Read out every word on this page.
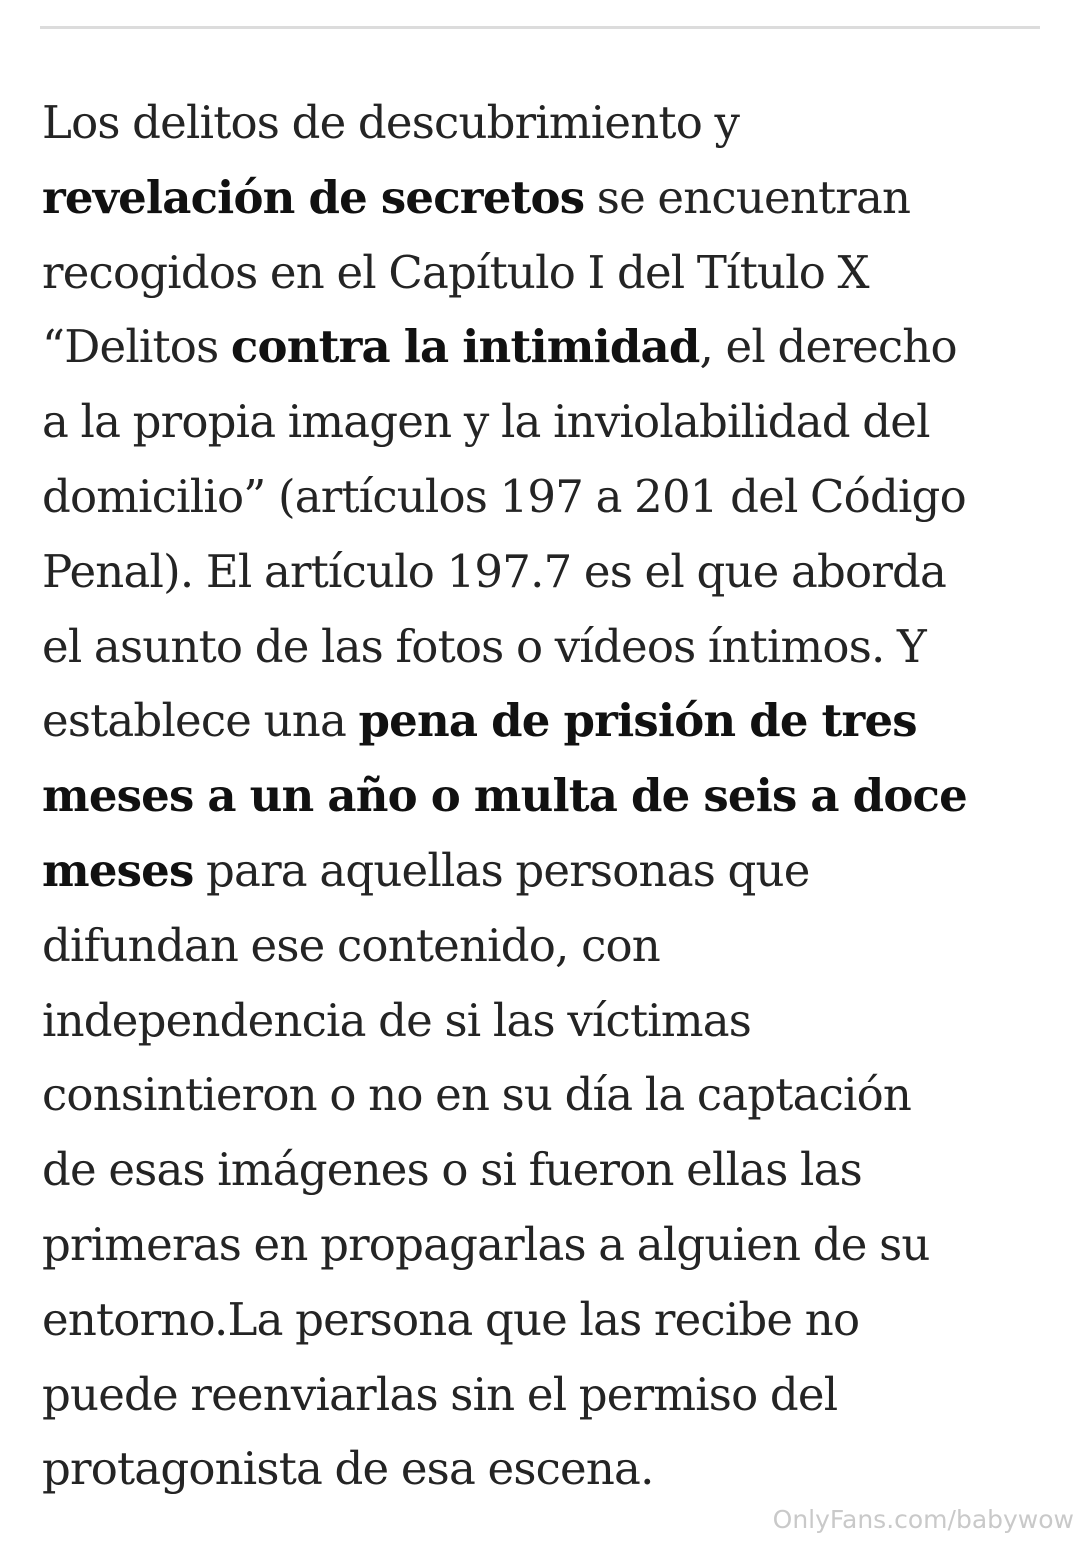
Los delitos de descubrimiento y
revelación de secretos se encuentran
recogidos en el Capítulo I del Título X
“Delitos contra la intimidad, el derecho
a la propia imagen y la inviolabilidad del
domicilio” (artículos 197 a 201 del Código
Penal). El artículo 197.7 es el que aborda
el asunto de las fotos o vídeos íntimos. Y
establece una pena de prisión de tres
meses a un año o multa de seis a doce
meses para aquellas personas que
difundan ese contenido, con
independencia de si las víctimas
consintieron o no en su día la captación
de esas imágenes o si fueron ellas las
primeras en propagarlas a alguien de su
entorno.La persona que las recibe no
puede reenviarlas sin el permiso del
protagonista de esa escena.

OnlyFans.com/babywow
